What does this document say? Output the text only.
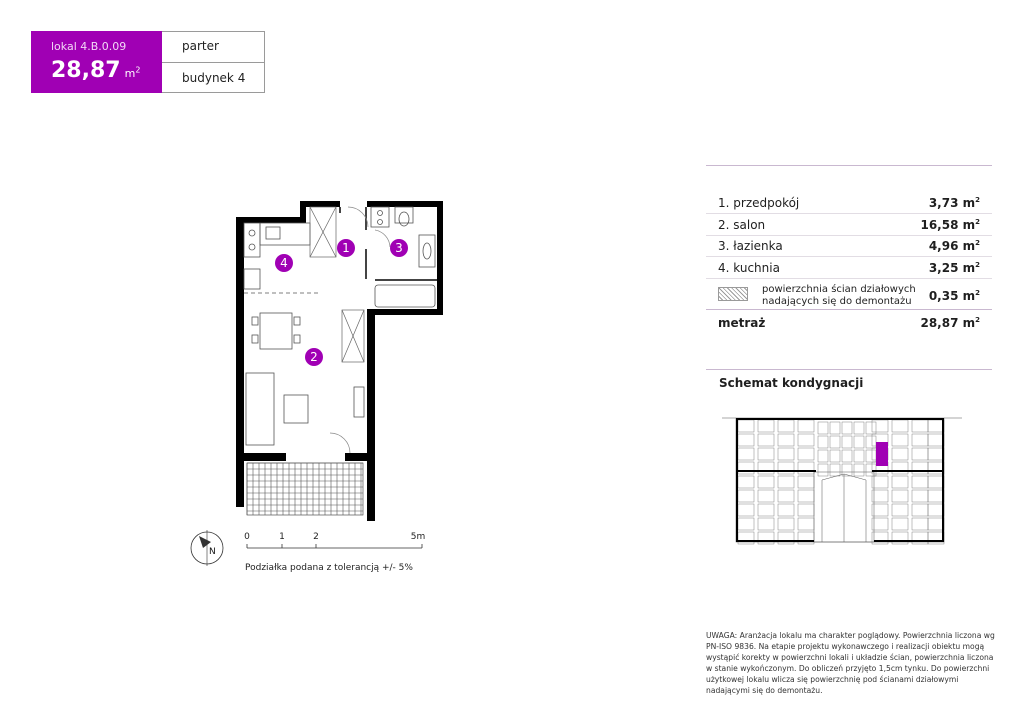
lokal 4.B.0.09
28,87 $m^2$
parter
budynek 4
1. przedpokój	3,73 $m^2$
2. salon	16,58 $m^2$
3. łazienka	4,96 $m^2$
4. kuchnia	3,25 $m^2$
powierzchnia ścian działowych
nadających się do demontażu	0,35 $m^2$
metraż	28,87 $m^2$
Schemat kondygnacji
1
2
3
4
N
0	1	2	5m
Podziałka podana z tolerancją +/- 5%
UWAGA: Aranżacja lokalu ma charakter poglądowy. Powierzchnia liczona wg PN-ISO 9836. Na etapie projektu wykonawczego i realizacji obiektu mogą wystąpić korekty w powierzchni lokali i układzie ścian, powierzchnia liczona w stanie wykończonym. Do obliczeń przyjęto 1,5cm tynku. Do powierzchni użytkowej lokalu wlicza się powierzchnię pod ścianami działowymi nadającymi się do demontażu.
